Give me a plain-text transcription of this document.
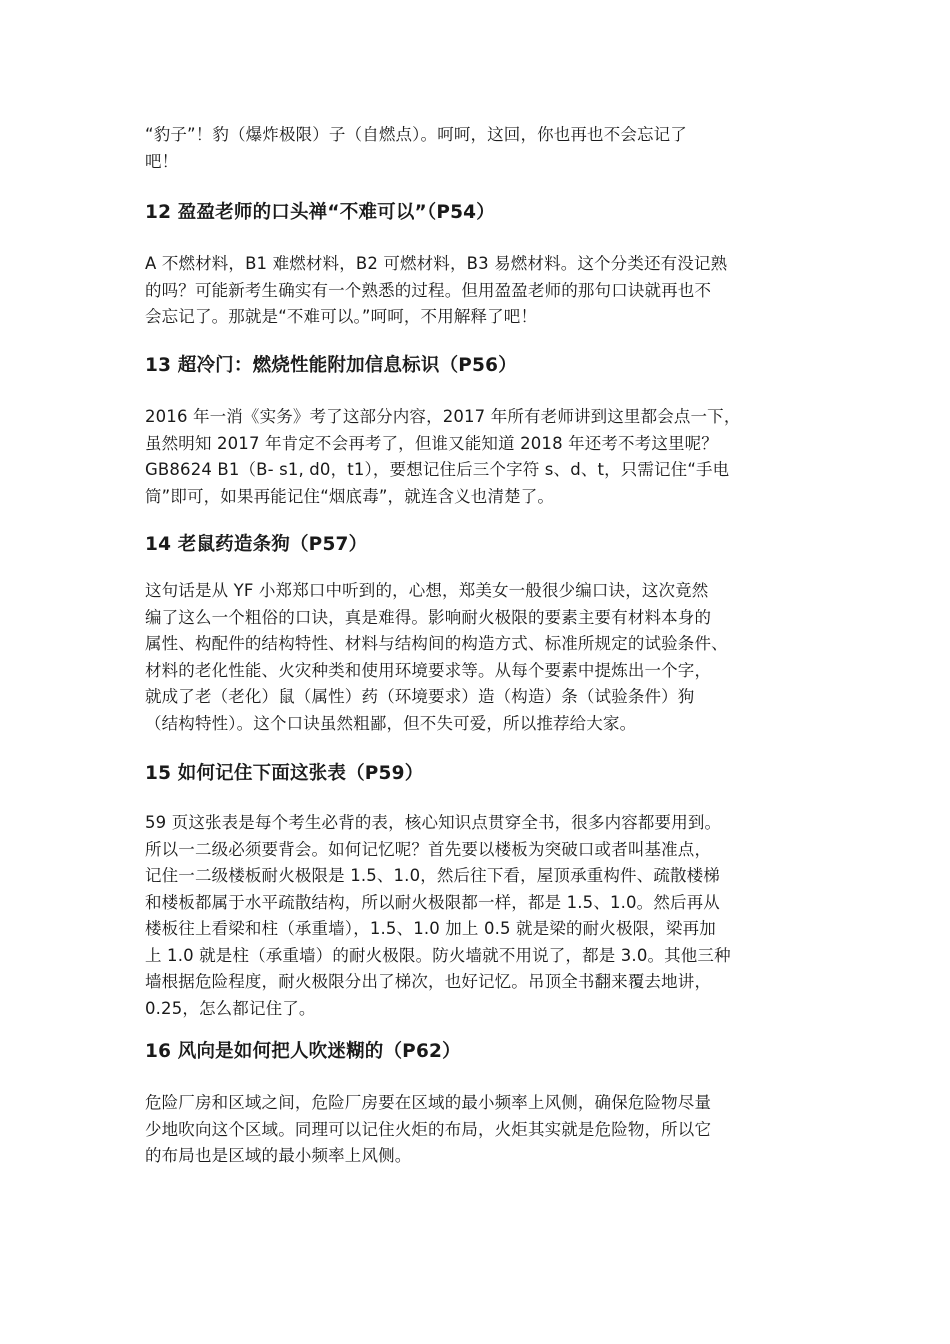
“豹子”！豹（爆炸极限）子（自燃点）。呵呵，这回，你也再也不会忘记了
吧！
12 盈盈老师的口头禅“不难可以”（P54）
A 不燃材料，B1 难燃材料，B2 可燃材料，B3 易燃材料。这个分类还有没记熟
的吗？可能新考生确实有一个熟悉的过程。但用盈盈老师的那句口诀就再也不
会忘记了。那就是“不难可以。”呵呵，不用解释了吧！
13 超冷门：燃烧性能附加信息标识（P56）
2016 年一消《实务》考了这部分内容，2017 年所有老师讲到这里都会点一下，
虽然明知 2017 年肯定不会再考了，但谁又能知道 2018 年还考不考这里呢？
GB8624 B1（B- s1, d0，t1），要想记住后三个字符 s、d、t，只需记住“手电
筒”即可，如果再能记住“烟底毒”，就连含义也清楚了。
14 老鼠药造条狗（P57）
这句话是从 YF 小郑郑口中听到的，心想，郑美女一般很少编口诀，这次竟然
编了这么一个粗俗的口诀，真是难得。影响耐火极限的要素主要有材料本身的
属性、构配件的结构特性、材料与结构间的构造方式、标准所规定的试验条件、
材料的老化性能、火灾种类和使用环境要求等。从每个要素中提炼出一个字，
就成了老（老化）鼠（属性）药（环境要求）造（构造）条（试验条件）狗
（结构特性）。这个口诀虽然粗鄙，但不失可爱，所以推荐给大家。
15 如何记住下面这张表（P59）
59 页这张表是每个考生必背的表，核心知识点贯穿全书，很多内容都要用到。
所以一二级必须要背会。如何记忆呢？首先要以楼板为突破口或者叫基准点，
记住一二级楼板耐火极限是 1.5、1.0，然后往下看，屋顶承重构件、疏散楼梯
和楼板都属于水平疏散结构，所以耐火极限都一样，都是 1.5、1.0。然后再从
楼板往上看梁和柱（承重墙），1.5、1.0 加上 0.5 就是梁的耐火极限，梁再加
上 1.0 就是柱（承重墙）的耐火极限。防火墙就不用说了，都是 3.0。其他三种
墙根据危险程度，耐火极限分出了梯次，也好记忆。吊顶全书翻来覆去地讲，
0.25，怎么都记住了。
16 风向是如何把人吹迷糊的（P62）
危险厂房和区域之间，危险厂房要在区域的最小频率上风侧，确保危险物尽量
少地吹向这个区域。同理可以记住火炬的布局，火炬其实就是危险物，所以它
的布局也是区域的最小频率上风侧。
